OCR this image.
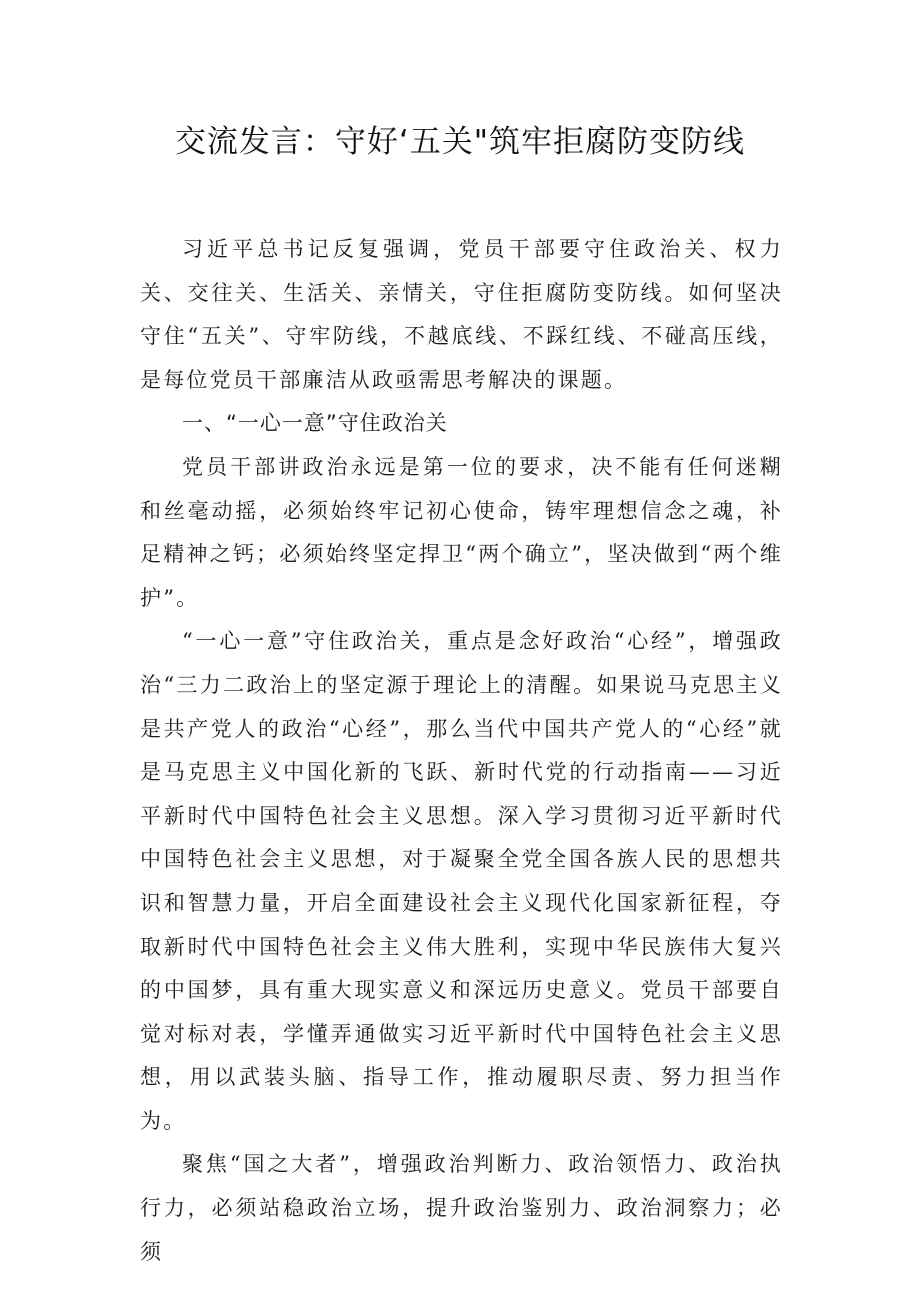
交流发言：守好‘五关"筑牢拒腐防变防线

习近平总书记反复强调，党员干部要守住政治关、权力关、交往关、生活关、亲情关，守住拒腐防变防线。如何坚决守住“五关”、守牢防线，不越底线、不踩红线、不碰高压线，是每位党员干部廉洁从政亟需思考解决的课题。

一、“一心一意”守住政治关

党员干部讲政治永远是第一位的要求，决不能有任何迷糊和丝毫动摇，必须始终牢记初心使命，铸牢理想信念之魂，补足精神之钙；必须始终坚定捍卫“两个确立”，坚决做到“两个维护”。

“一心一意”守住政治关，重点是念好政治“心经”，增强政治“三力二政治上的坚定源于理论上的清醒。如果说马克思主义是共产党人的政治“心经”，那么当代中国共产党人的“心经”就是马克思主义中国化新的飞跃、新时代党的行动指南——习近平新时代中国特色社会主义思想。深入学习贯彻习近平新时代中国特色社会主义思想，对于凝聚全党全国各族人民的思想共识和智慧力量，开启全面建设社会主义现代化国家新征程，夺取新时代中国特色社会主义伟大胜利，实现中华民族伟大复兴的中国梦，具有重大现实意义和深远历史意义。党员干部要自觉对标对表，学懂弄通做实习近平新时代中国特色社会主义思想，用以武装头脑、指导工作，推动履职尽责、努力担当作为。

聚焦“国之大者”，增强政治判断力、政治领悟力、政治执行力，必须站稳政治立场，提升政治鉴别力、政治洞察力；必须
